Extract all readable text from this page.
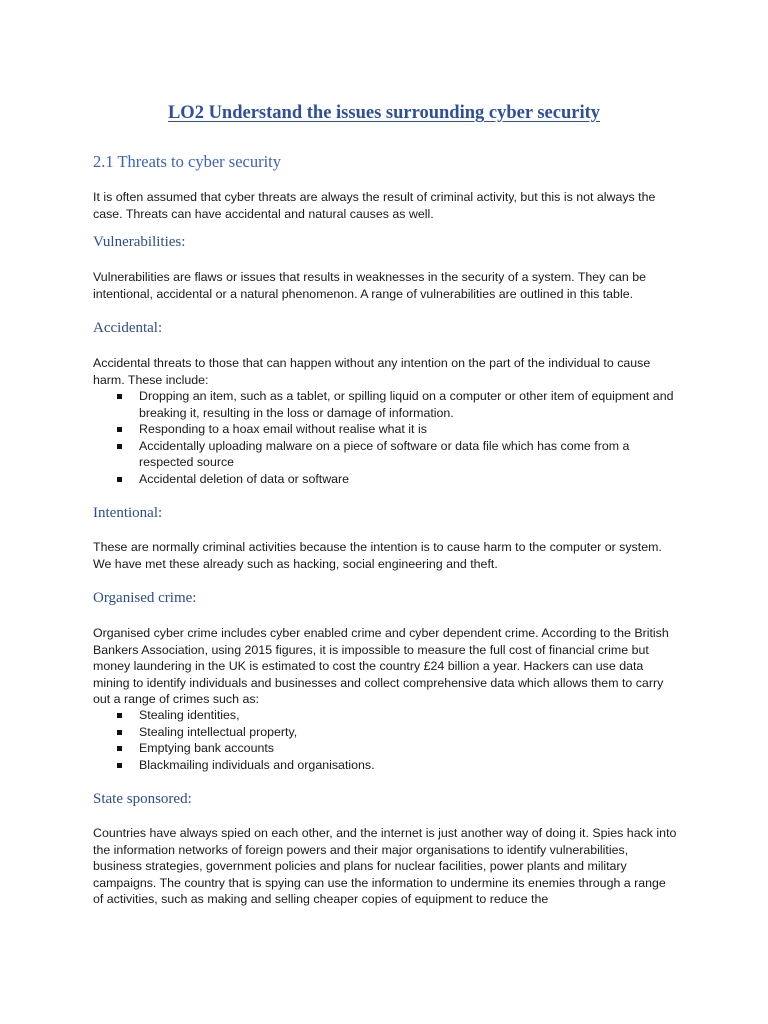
LO2 Understand the issues surrounding cyber security
2.1 Threats to cyber security

It is often assumed that cyber threats are always the result of criminal activity, but this is not always the case. Threats can have accidental and natural causes as well.

Vulnerabilities:

Vulnerabilities are flaws or issues that results in weaknesses in the security of a system. They can be intentional, accidental or a natural phenomenon. A range of vulnerabilities are outlined in this table.

Accidental:

Accidental threats to those that can happen without any intention on the part of the individual to cause harm. These include:

Dropping an item, such as a tablet, or spilling liquid on a computer or other item of equipment and breaking it, resulting in the loss or damage of information.
Responding to a hoax email without realise what it is
Accidentally uploading malware on a piece of software or data file which has come from a respected source
Accidental deletion of data or software
Intentional:

These are normally criminal activities because the intention is to cause harm to the computer or system. We have met these already such as hacking, social engineering and theft.

Organised crime:

Organised cyber crime includes cyber enabled crime and cyber dependent crime. According to the British Bankers Association, using 2015 figures, it is impossible to measure the full cost of financial crime but money laundering in the UK is estimated to cost the country £24 billion a year. Hackers can use data mining to identify individuals and businesses and collect comprehensive data which allows them to carry out a range of crimes such as:

Stealing identities,
Stealing intellectual property,
Emptying bank accounts
Blackmailing individuals and organisations.
State sponsored:

Countries have always spied on each other, and the internet is just another way of doing it. Spies hack into the information networks of foreign powers and their major organisations to identify vulnerabilities, business strategies, government policies and plans for nuclear facilities, power plants and military campaigns. The country that is spying can use the information to undermine its enemies through a range of activities, such as making and selling cheaper copies of equipment to reduce the
